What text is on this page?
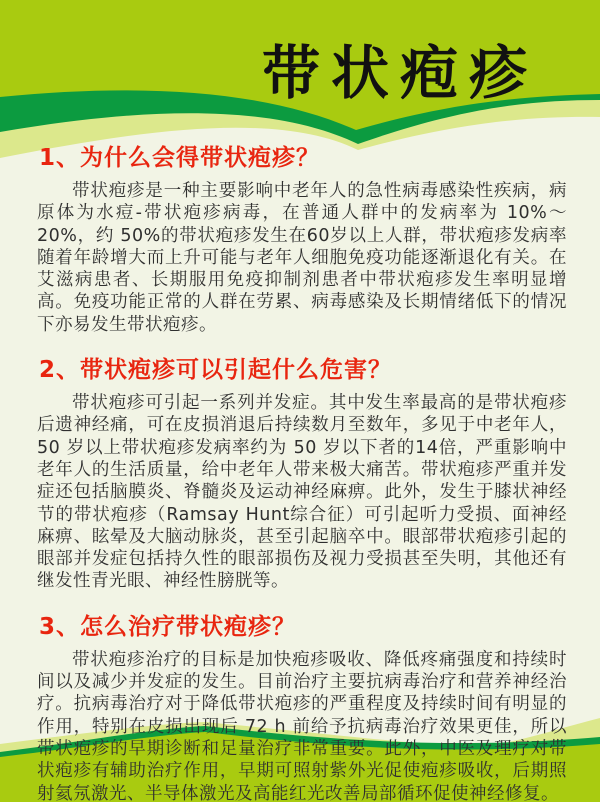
带状疱疹
1、为什么会得带状疱疹？

带状疱疹是一种主要影响中老年人的急性病毒感染性疾病，病原体为水痘-带状疱疹病毒，在普通人群中的发病率为 10%～20%，约 50%的带状疱疹发生在60岁以上人群，带状疱疹发病率随着年龄增大而上升可能与老年人细胞免疫功能逐渐退化有关。在艾滋病患者、长期服用免疫抑制剂患者中带状疱疹发生率明显增高。免疫功能正常的人群在劳累、病毒感染及长期情绪低下的情况下亦易发生带状疱疹。

2、带状疱疹可以引起什么危害？

带状疱疹可引起一系列并发症。其中发生率最高的是带状疱疹后遗神经痛，可在皮损消退后持续数月至数年，多见于中老年人，50 岁以上带状疱疹发病率约为 50 岁以下者的14倍，严重影响中老年人的生活质量，给中老年人带来极大痛苦。带状疱疹严重并发症还包括脑膜炎、脊髓炎及运动神经麻痹。此外，发生于膝状神经节的带状疱疹（Ramsay Hunt综合征）可引起听力受损、面神经麻痹、眩晕及大脑动脉炎，甚至引起脑卒中。眼部带状疱疹引起的眼部并发症包括持久性的眼部损伤及视力受损甚至失明，其他还有继发性青光眼、神经性膀胱等。

3、怎么治疗带状疱疹？

带状疱疹治疗的目标是加快疱疹吸收、降低疼痛强度和持续时间以及减少并发症的发生。目前治疗主要抗病毒治疗和营养神经治疗。抗病毒治疗对于降低带状疱疹的严重程度及持续时间有明显的作用，特别在皮损出现后 72 h 前给予抗病毒治疗效果更佳，所以带状疱疹的早期诊断和足量治疗非常重要。此外，中医及理疗对带状疱疹有辅助治疗作用，早期可照射紫外光促使疱疹吸收，后期照射氦氖激光、半导体激光及高能红光改善局部循环促使神经修复。
